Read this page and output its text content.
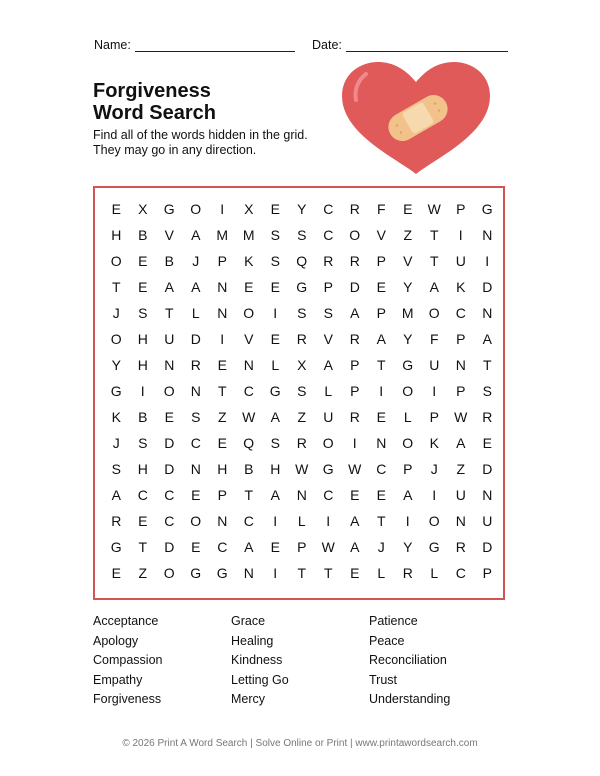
Name:	Date:
Forgiveness
Word Search
Find all of the words hidden in the grid.
They may go in any direction.
E	X	G	O	I	X	E	Y	C	R	F	E	W	P	G
H	B	V	A	M	M	S	S	C	O	V	Z	T	I	N
O	E	B	J	P	K	S	Q	R	R	P	V	T	U	I
T	E	A	A	N	E	E	G	P	D	E	Y	A	K	D
J	S	T	L	N	O	I	S	S	A	P	M	O	C	N
O	H	U	D	I	V	E	R	V	R	A	Y	F	P	A
Y	H	N	R	E	N	L	X	A	P	T	G	U	N	T
G	I	O	N	T	C	G	S	L	P	I	O	I	P	S
K	B	E	S	Z	W	A	Z	U	R	E	L	P	W	R
J	S	D	C	E	Q	S	R	O	I	N	O	K	A	E
S	H	D	N	H	B	H	W	G	W	C	P	J	Z	D
A	C	C	E	P	T	A	N	C	E	E	A	I	U	N
R	E	C	O	N	C	I	L	I	A	T	I	O	N	U
G	T	D	E	C	A	E	P	W	A	J	Y	G	R	D
E	Z	O	G	G	N	I	T	T	E	L	R	L	C	P
Acceptance	Grace	Patience
Apology	Healing	Peace
Compassion	Kindness	Reconciliation
Empathy	Letting Go	Trust
Forgiveness	Mercy	Understanding
© 2026 Print A Word Search | Solve Online or Print | www.printawordsearch.com
